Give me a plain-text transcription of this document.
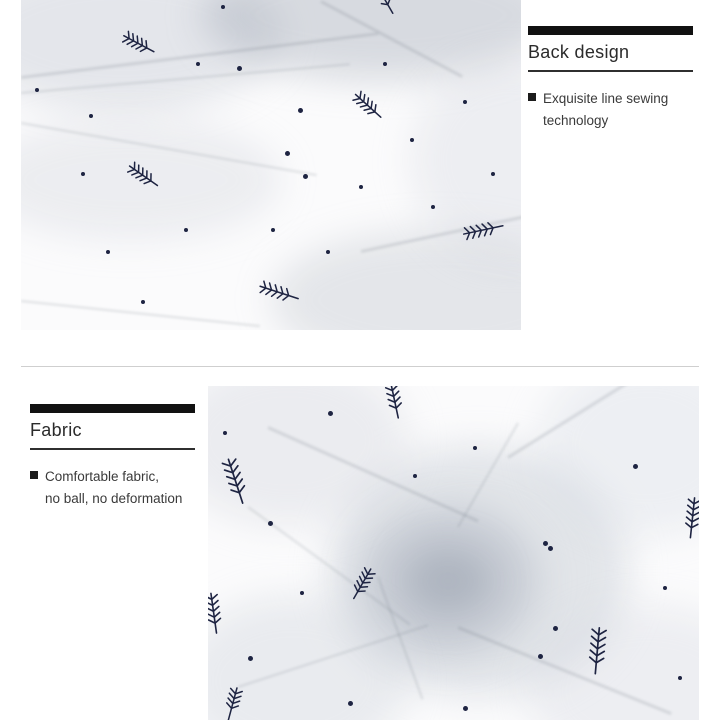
Back design
Exquisite line sewing
technology
Fabric
Comfortable fabric,
no ball, no deformation
